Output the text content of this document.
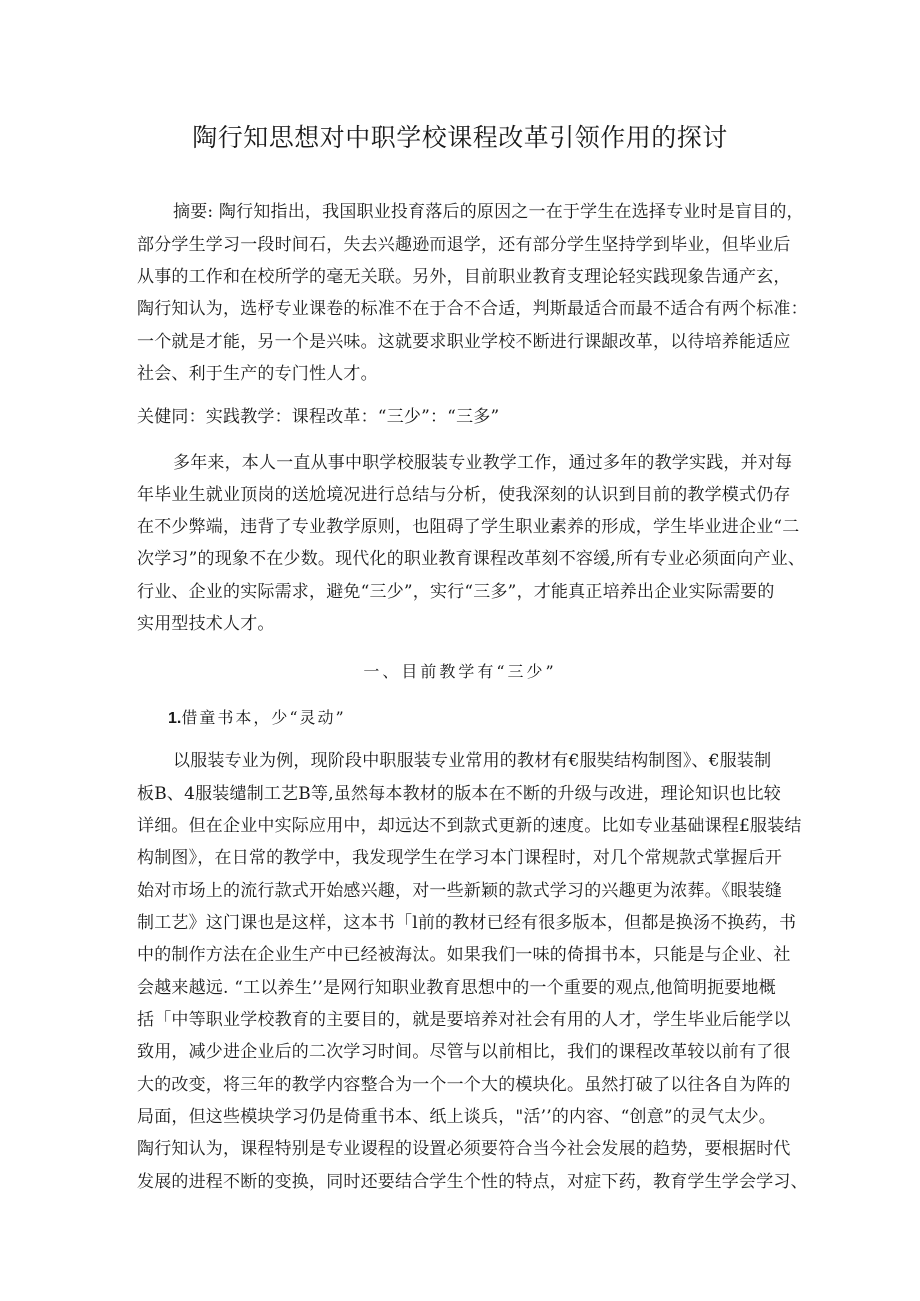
陶行知思想对中职学校课程改革引领作用的探讨
摘要: 陶行知指出，我国职业投育落后的原因之一在于学生在选择专业时是盲目的，
部分学生学习一段时间石，失去兴趣逊而退学，还有部分学生坚持学到毕业，但毕业后
从事的工作和在校所学的毫无关联。另外，目前职业教育支理论轻实践现象告通产玄，
陶行知认为，选杼专业课卷的标准不在于合不合适，判斯最适合而最不适合有两个标准：
一个就是才能，另一个是兴味。这就要求职业学校不断进行课龈改革，以待培养能适应
社会、利于生产的专门性人才。
关健同：实践教学：课程改革：“三少”：“三多”
多年来，本人一直从事中职学校服装专业教学工作，通过多年的教学实践，并对每
年毕业生就业顶岗的送尬境况进行总结与分析，使我深刻的认识到目前的教学模式仍存
在不少弊端，违背了专业教学原则，也阻碍了学生职业素养的形成，学生毕业进企业“二
次学习”的现象不在少数。现代化的职业教育课程改革刻不容缓,所有专业必须面向产业、
行业、企业的实际需求，避免“三少”，实行“三多”，才能真正培养出企业实际需要的
实用型技术人才。
一、目前教学有“三少”
1.借童书本，少“灵动”
以服装专业为例，现阶段中职服装专业常用的教材有€服奘结构制图》、€服装制
板B、4服装缱制工艺B等,虽然每本教材的版本在不断的升级与改进，理论知识也比较
详细。但在企业中实际应用中，却远达不到款式更新的速度。比如专业基础课程£服装结
构制图》，在日常的教学中，我发现学生在学习本门课程时，对几个常规款式掌握后开
始对市场上的流行款式开始感兴趣，对一些新颖的款式学习的兴趣更为浓葬。《眼装缝
制工艺》这门课也是这样，这本书「l前的教材已经有很多版本，但都是换汤不换药，书
中的制作方法在企业生产中已经被海汰。如果我们一味的倚揖书本，只能是与企业、社
会越来越远. “工以养生’’是网行知职业教育思想中的一个重要的观点,他简明扼要地概
括「中等职业学校教育的主要目的，就是要培养对社会有用的人才，学生毕业后能学以
致用，减少进企业后的二次学习时间。尽管与以前相比，我们的课程改革较以前有了很
大的改变，将三年的教学内容整合为一个一个大的模块化。虽然打破了以往各自为阵的
局面，但这些模块学习仍是倚重书本、纸上谈兵，"活’’的内容、“创意”的灵气太少。
陶行知认为，课程特别是专业谡程的设置必须要符合当今社会发展的趋势，要根据时代
发展的进程不断的变换，同时还要结合学生个性的特点，对症下药，教育学生学会学习、
